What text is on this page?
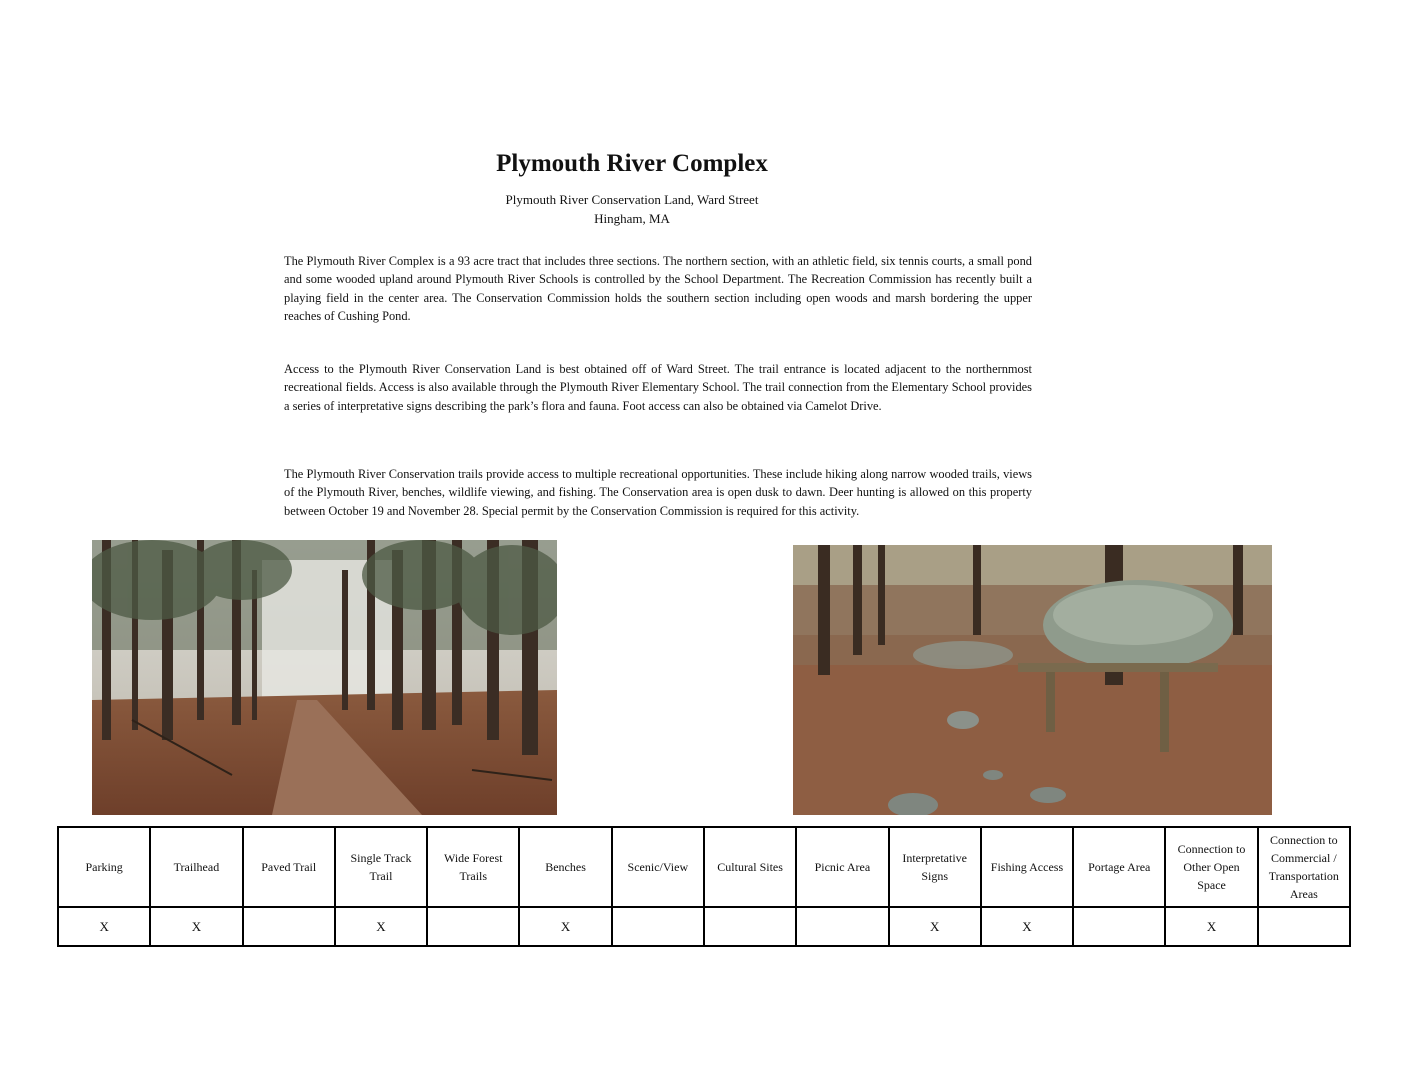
Plymouth River Complex

Plymouth River Conservation Land, Ward Street

Hingham, MA

The Plymouth River Complex is a 93 acre tract that includes three sections. The northern section, with an athletic field, six tennis courts, a small pond and some wooded upland around Plymouth River Schools is controlled by the School Department. The Recreation Commission has recently built a playing field in the center area. The Conservation Commission holds the southern section including open woods and marsh bordering the upper reaches of Cushing Pond.

Access to the Plymouth River Conservation Land is best obtained off of Ward Street. The trail entrance is located adjacent to the northernmost recreational fields. Access is also available through the Plymouth River Elementary School. The trail connection from the Elementary School provides a series of interpretative signs describing the park’s flora and fauna. Foot access can also be obtained via Camelot Drive.

The Plymouth River Conservation trails provide access to multiple recreational opportunities. These include hiking along narrow wooded trails, views of the Plymouth River, benches, wildlife viewing, and fishing. The Conservation area is open dusk to dawn. Deer hunting is allowed on this property between October 19 and November 28. Special permit by the Conservation Commission is required for this activity.

Parking	Trailhead	Paved Trail	Single Track Trail	Wide Forest Trails	Benches	Scenic/View	Cultural Sites	Picnic Area	Interpretative Signs	Fishing Access	Portage Area	Connection to Other Open Space	Connection to Commercial / Transportation Areas
X	X		X		X				X	X		X	
